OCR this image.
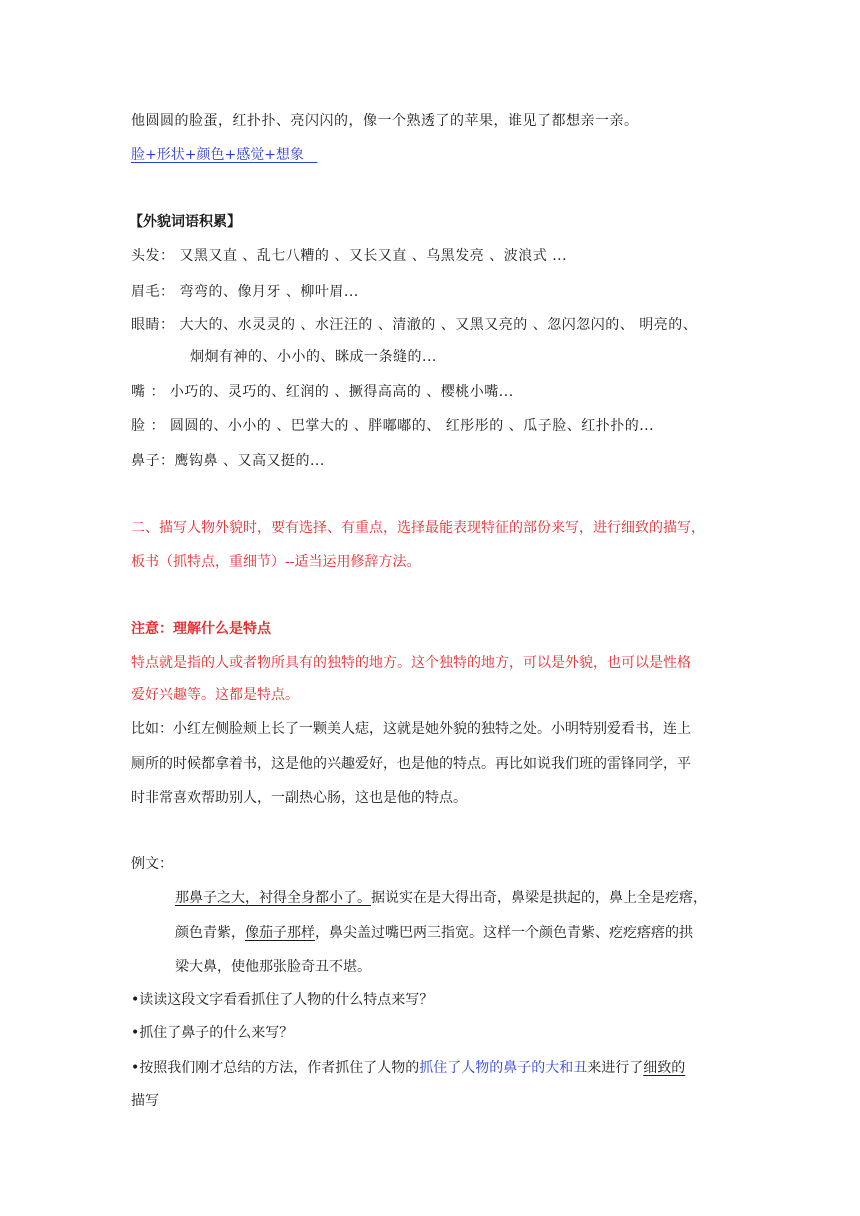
他圆圆的脸蛋，红扑扑、亮闪闪的，像一个熟透了的苹果，谁见了都想亲一亲。
脸+形状+颜色+感觉+想象
【外貌词语积累】
头发： 又黑又直 、乱七八糟的 、又长又直 、乌黑发亮 、波浪式 ...
眉毛： 弯弯的、像月牙 、柳叶眉...
眼睛： 大大的、水灵灵的 、水汪汪的 、清澈的 、又黑又亮的 、忽闪忽闪的、 明亮的、
炯炯有神的、小小的、眯成一条缝的...
嘴 ： 小巧的、灵巧的、红润的 、撅得高高的 、樱桃小嘴...
脸 ： 圆圆的、小小的 、巴掌大的 、胖嘟嘟的、 红彤彤的 、瓜子脸、红扑扑的...
鼻子：鹰钩鼻 、又高又挺的...
二、描写人物外貌时，要有选择、有重点，选择最能表现特征的部份来写，进行细致的描写，
板书（抓特点，重细节）--适当运用修辞方法。
注意：理解什么是特点
特点就是指的人或者物所具有的独特的地方。这个独特的地方，可以是外貌，也可以是性格
爱好兴趣等。这都是特点。
比如：小红左侧脸颊上长了一颗美人痣，这就是她外貌的独特之处。小明特别爱看书，连上
厕所的时候都拿着书，这是他的兴趣爱好，也是他的特点。再比如说我们班的雷锋同学，平
时非常喜欢帮助别人，一副热心肠，这也是他的特点。
例文：
那鼻子之大，衬得全身都小了。据说实在是大得出奇，鼻梁是拱起的，鼻上全是疙瘩，
颜色青紫，像茄子那样，鼻尖盖过嘴巴两三指宽。这样一个颜色青紫、疙疙瘩瘩的拱
梁大鼻，使他那张脸奇丑不堪。
•读读这段文字看看抓住了人物的什么特点来写？
•抓住了鼻子的什么来写？
•按照我们刚才总结的方法，作者抓住了人物的抓住了人物的鼻子的大和丑来进行了细致的
描写
